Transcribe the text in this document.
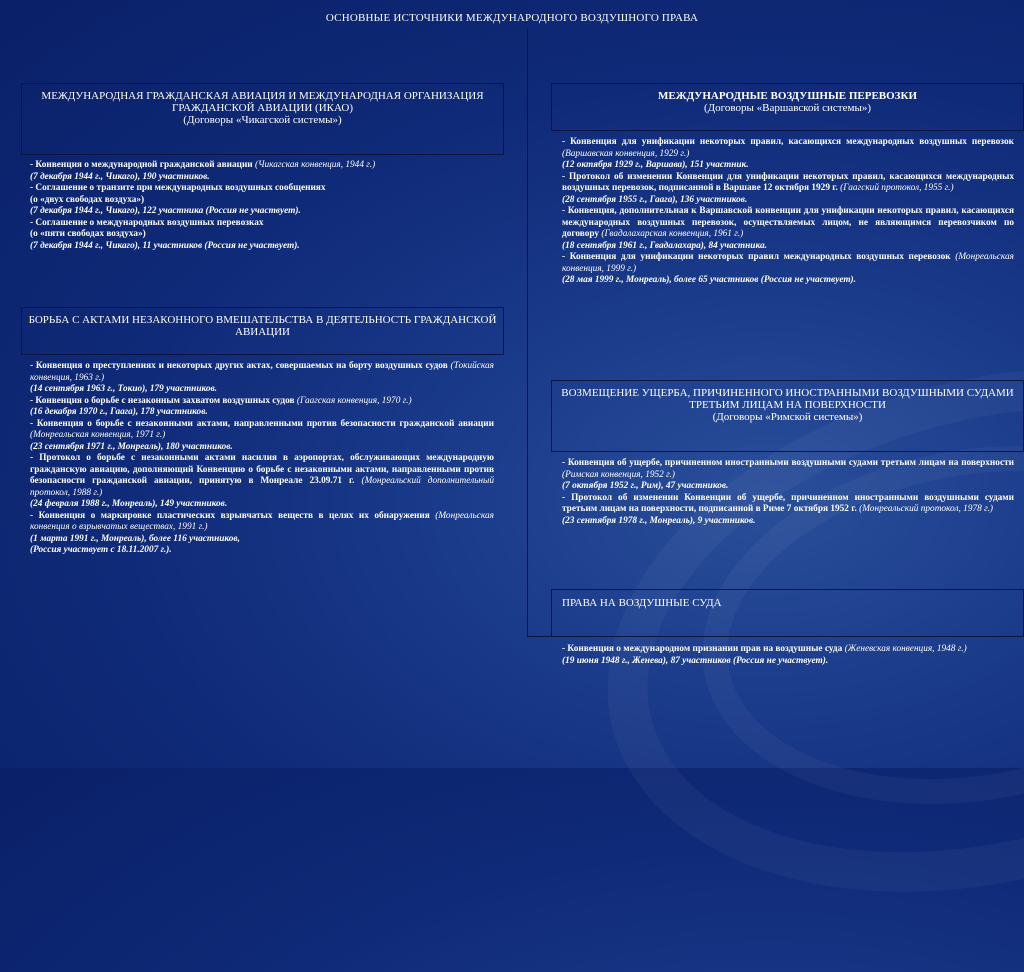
ОСНОВНЫЕ ИСТОЧНИКИ МЕЖДУНАРОДНОГО ВОЗДУШНОГО ПРАВА
МЕЖДУНАРОДНАЯ ГРАЖДАНСКАЯ АВИАЦИЯ И МЕЖДУНАРОДНАЯ ОРГАНИЗАЦИЯ ГРАЖДАНСКОЙ АВИАЦИИ (ИКАО)
(Договоры «Чикагской системы»)
- Конвенция о международной гражданской авиации (Чикагская конвенция, 1944 г.)
(7 декабря 1944 г., Чикаго), 190 участников.
- Соглашение о транзите при международных воздушных сообщениях
(о «двух свободах воздуха»)
(7 декабря 1944 г., Чикаго), 122 участника (Россия не участвует).
- Соглашение о международных воздушных перевозках
(о «пяти свободах воздуха»)
(7 декабря 1944 г., Чикаго), 11 участников (Россия не участвует).
БОРЬБА С АКТАМИ НЕЗАКОННОГО ВМЕШАТЕЛЬСТВА В ДЕЯТЕЛЬНОСТЬ ГРАЖДАНСКОЙ АВИАЦИИ
- Конвенция о преступлениях и некоторых других актах, совершаемых на борту воздушных судов (Токийская конвенция, 1963 г.)
(14 сентября 1963 г., Токио), 179 участников.
- Конвенция о борьбе с незаконным захватом воздушных судов (Гаагская конвенция, 1970 г.)
(16 декабря 1970 г., Гаага), 178 участников.
- Конвенция о борьбе с незаконными актами, направленными против безопасности гражданской авиации (Монреальская конвенция, 1971 г.)
(23 сентября 1971 г., Монреаль), 180 участников.
- Протокол о борьбе с незаконными актами насилия в аэропортах, обслуживающих международную гражданскую авиацию, дополняющий Конвенцию о борьбе с незаконными актами, направленными против безопасности гражданской авиации, принятую в Монреале 23.09.71 г. (Монреальский дополнительный протокол, 1988 г.)
(24 февраля 1988 г., Монреаль), 149 участников.
- Конвенция о маркировке пластических взрывчатых веществ в целях их обнаружения (Монреальская конвенция о взрывчатых веществах, 1991 г.)
(1 марта 1991 г., Монреаль), более 116 участников,
(Россия участвует с 18.11.2007 г.).
МЕЖДУНАРОДНЫЕ ВОЗДУШНЫЕ ПЕРЕВОЗКИ
(Договоры «Варшавской системы»)
- Конвенция для унификации некоторых правил, касающихся международных воздушных перевозок (Варшавская конвенция, 1929 г.)
(12 октября 1929 г., Варшава), 151 участник.
- Протокол об изменении Конвенции для унификации некоторых правил, касающихся международных воздушных перевозок, подписанной в Варшаве 12 октября 1929 г. (Гаагский протокол, 1955 г.)
(28 сентября 1955 г., Гаага), 136 участников.
- Конвенция, дополнительная к Варшавской конвенции для унификации некоторых правил, касающихся международных воздушных перевозок, осуществляемых лицом, не являющимся перевозчиком по договору (Гвадалахарская конвенция, 1961 г.)
(18 сентября 1961 г., Гвадалахара), 84 участника.
- Конвенция для унификации некоторых правил международных воздушных перевозок (Монреальская конвенция, 1999 г.)
(28 мая 1999 г., Монреаль), более 65 участников (Россия не участвует).
ВОЗМЕЩЕНИЕ УЩЕРБА, ПРИЧИНЕННОГО ИНОСТРАННЫМИ ВОЗДУШНЫМИ СУДАМИ ТРЕТЬИМ ЛИЦАМ НА ПОВЕРХНОСТИ
(Договоры «Римской системы»)
- Конвенция об ущербе, причиненном иностранными воздушными судами третьим лицам на поверхности (Римская конвенция, 1952 г.)
(7 октября 1952 г., Рим), 47 участников.
- Протокол об изменении Конвенции об ущербе, причиненном иностранными воздушными судами третьим лицам на поверхности, подписанной в Риме 7 октября 1952 г. (Монреальский протокол, 1978 г.)
(23 сентября 1978 г., Монреаль), 9 участников.
ПРАВА НА ВОЗДУШНЫЕ СУДА
- Конвенция о международном признании прав на воздушные суда (Женевская конвенция, 1948 г.)
(19 июня 1948 г., Женева), 87 участников (Россия не участвует).
